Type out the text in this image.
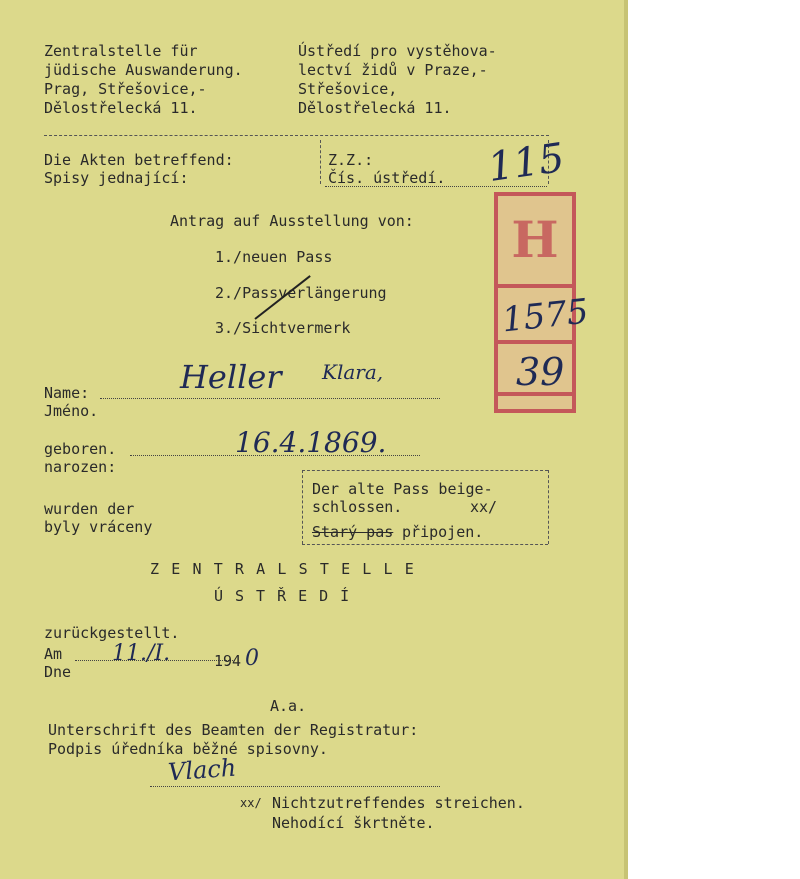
Zentralstelle für
jüdische Auswanderung.
Prag, Střešovice,-
Dělostřelecká 11.
Ústředí pro vystěhova-
lectví židů v Praze,-
Střešovice,
Dělostřelecká 11.
Die Akten betreffend:
Spisy jednající:
Z.Z.:
Čís. ústředí. 115
H
1575
39
Antrag auf Ausstellung von:
1./neuen Pass
2./Passverlängerung
3./Sichtvermerk
Name:
Jméno.
Heller Klara,
geboren.
narozen:
16.4.1869.
wurden der
byly vráceny
Der alte Pass beige-
schlossen.	xx/
Starý pas připojen.
ZENTRALSTELLE
ÚSTŘEDÍ
zurückgestellt.
Am
Dne
11./I.	194 0
A.a.
Unterschrift des Beamten der Registratur:
Podpis úředníka běžné spisovny.
Vlach
xx/ Nichtzutreffendes streichen.
Nehodící škrtněte.
